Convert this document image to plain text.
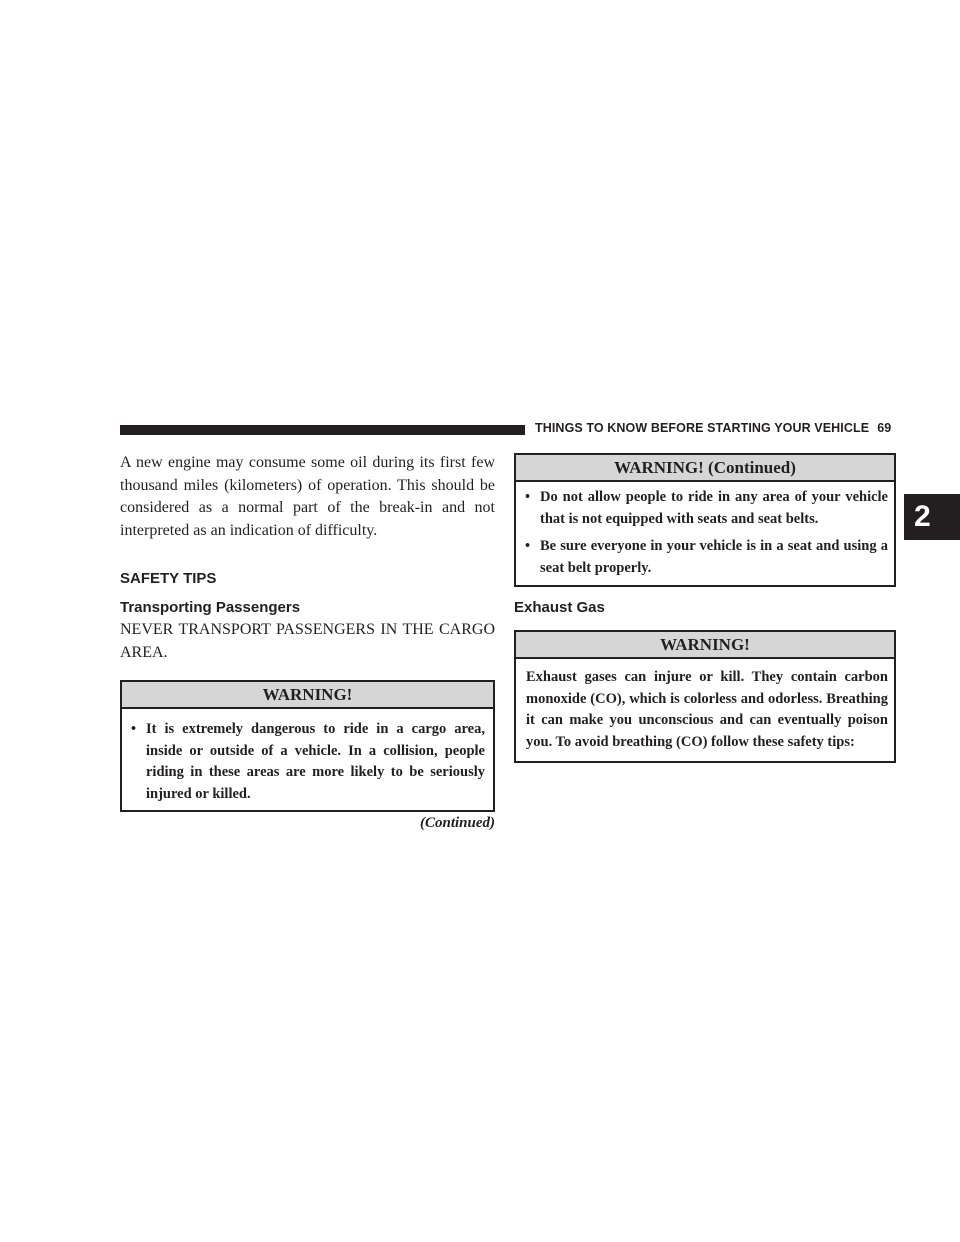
THINGS TO KNOW BEFORE STARTING YOUR VEHICLE 69
2

A new engine may consume some oil during its first few thousand miles (kilometers) of operation. This should be considered as a normal part of the break-in and not interpreted as an indication of difficulty.

SAFETY TIPS
Transporting Passengers

NEVER TRANSPORT PASSENGERS IN THE CARGO AREA.

WARNING!
• It is extremely dangerous to ride in a cargo area, inside or outside of a vehicle. In a collision, people riding in these areas are more likely to be seriously injured or killed.
(Continued)
WARNING! (Continued)
• Do not allow people to ride in any area of your vehicle that is not equipped with seats and seat belts.
• Be sure everyone in your vehicle is in a seat and using a seat belt properly.
Exhaust Gas
WARNING!

Exhaust gases can injure or kill. They contain carbon monoxide (CO), which is colorless and odorless. Breathing it can make you unconscious and can eventually poison you. To avoid breathing (CO) follow these safety tips:
